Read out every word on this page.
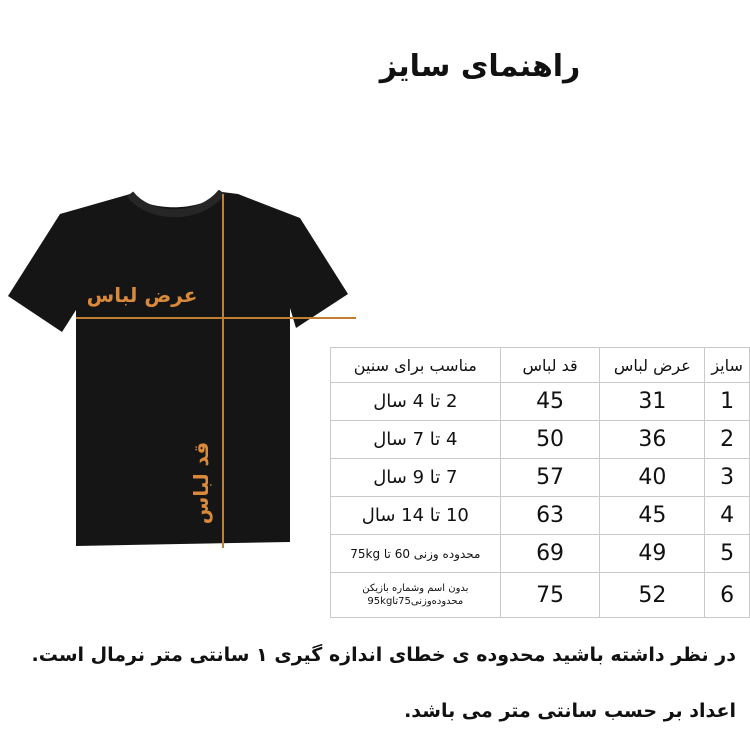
راهنمای سایز
عرض لباس
قد لباس
سایز	عرض لباس	قد لباس	مناسب برای سنین
1	31	45	2 تا 4 سال
2	36	50	4 تا 7 سال
3	40	57	7 تا 9 سال
4	45	63	10 تا 14 سال
5	49	69	محدوده وزنی 60 تا 75kg
6	52	75	بدون اسم وشماره بازیکن
محدوده‌وزنی75تا95kg
در نظر داشته باشید محدوده ی خطای اندازه گیری ۱ سانتی متر نرمال است.
اعداد بر حسب سانتی متر می باشد.
